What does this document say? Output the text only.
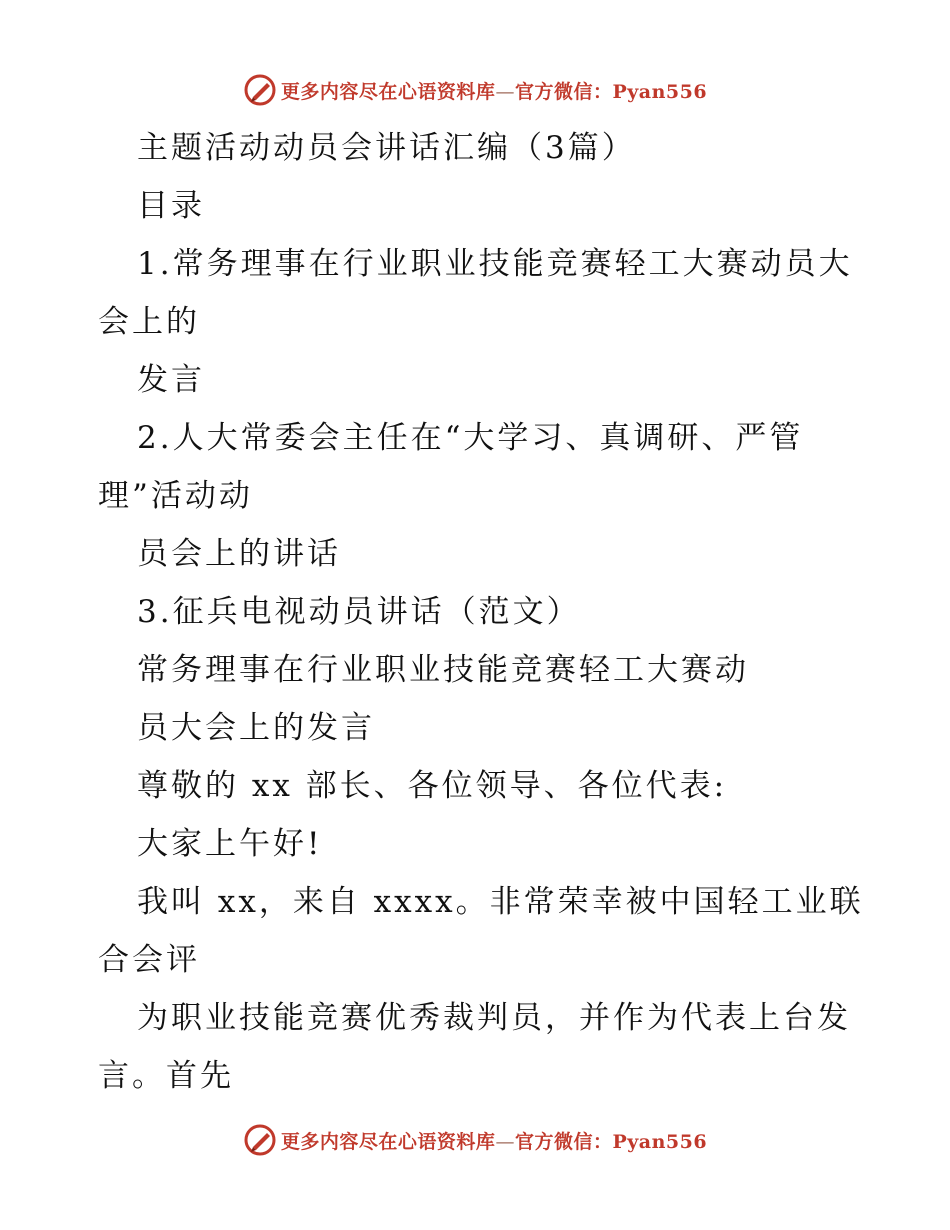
更多内容尽在心语资料库—官方微信：Pyan556
主题活动动员会讲话汇编（3篇）
目录
1.常务理事在行业职业技能竞赛轻工大赛动员大
会上的
发言
2.人大常委会主任在“大学习、真调研、严管
理”活动动
员会上的讲话
3.征兵电视动员讲话（范文）
常务理事在行业职业技能竞赛轻工大赛动
员大会上的发言
尊敬的 xx 部长、各位领导、各位代表:
大家上午好!
我叫 xx，来自 xxxx。非常荣幸被中国轻工业联
合会评
为职业技能竞赛优秀裁判员，并作为代表上台发
言。首先
更多内容尽在心语资料库—官方微信：Pyan556
